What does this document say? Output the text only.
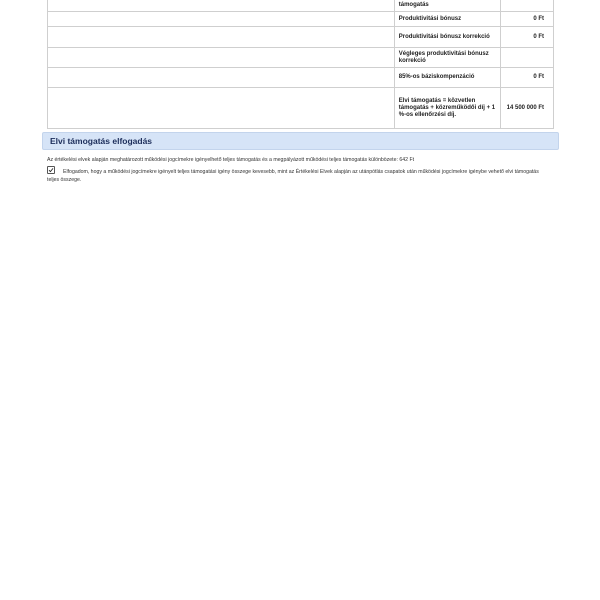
	támogatás	
	Produktivitási bónusz	0 Ft
	Produktivitási bónusz korrekció	0 Ft
	Végleges produktivitási bónusz korrekció	
	85%-os báziskompenzáció	0 Ft
	Elvi támogatás = közvetlen támogatás + közreműködői díj + 1 %-os ellenőrzési díj.	14 500 000 Ft
Elvi támogatás elfogadás
Az értékelési elvek alapján meghatározott működési jogcímekre igényelhető teljes támogatás és a megpályázott működési teljes támogatás különbözete: 642 Ft
Elfogadom, hogy a működési jogcímekre igényelt teljes támogatási igény összege kevesebb, mint az Értékelési Elvek alapján az utánpótlás csapatok után működési jogcímekre igénybe vehető elvi támogatás teljes összege.
